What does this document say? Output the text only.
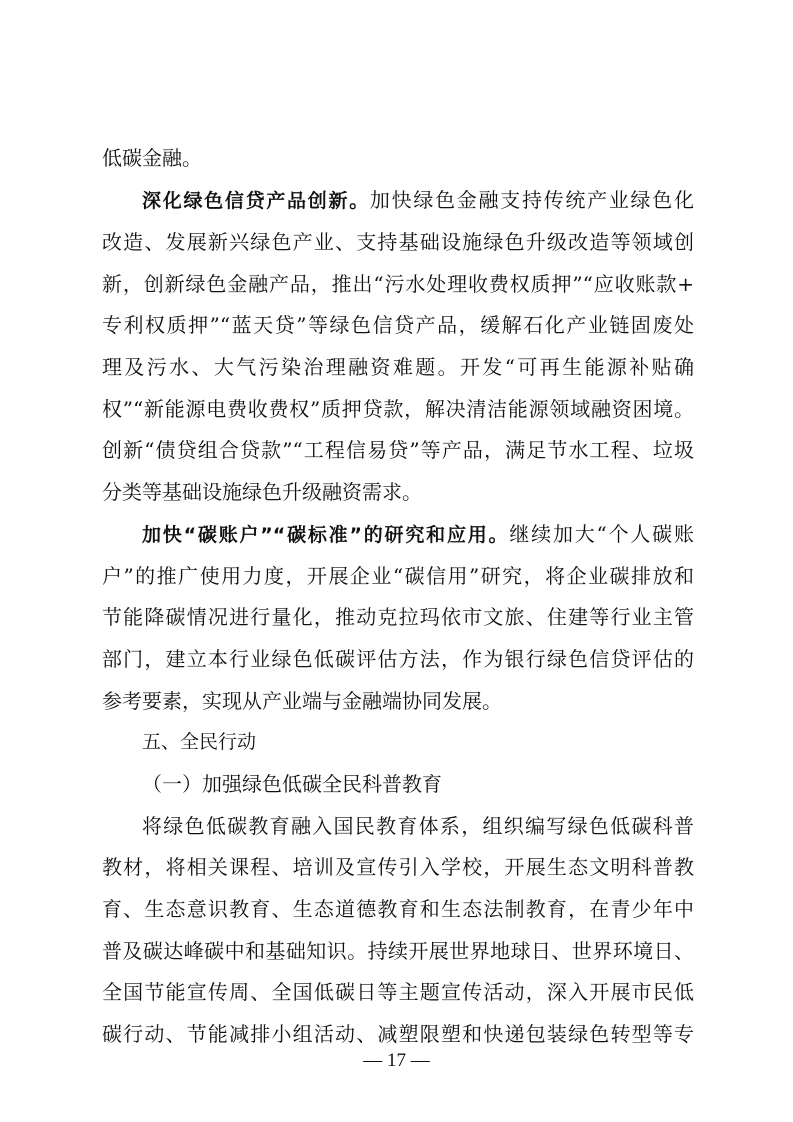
低碳金融。
深化绿色信贷产品创新。加快绿色金融支持传统产业绿色化
改造、发展新兴绿色产业、支持基础设施绿色升级改造等领域创
新，创新绿色金融产品，推出“污水处理收费权质押”“应收账款+
专利权质押”“蓝天贷”等绿色信贷产品，缓解石化产业链固废处
理及污水、大气污染治理融资难题。开发“可再生能源补贴确
权”“新能源电费收费权”质押贷款，解决清洁能源领域融资困境。
创新“债贷组合贷款”“工程信易贷”等产品，满足节水工程、垃圾
分类等基础设施绿色升级融资需求。
加快“碳账户”“碳标准”的研究和应用。继续加大“个人碳账
户”的推广使用力度，开展企业“碳信用”研究，将企业碳排放和
节能降碳情况进行量化，推动克拉玛依市文旅、住建等行业主管
部门，建立本行业绿色低碳评估方法，作为银行绿色信贷评估的
参考要素，实现从产业端与金融端协同发展。
五、全民行动
（一）加强绿色低碳全民科普教育
将绿色低碳教育融入国民教育体系，组织编写绿色低碳科普
教材，将相关课程、培训及宣传引入学校，开展生态文明科普教
育、生态意识教育、生态道德教育和生态法制教育，在青少年中
普及碳达峰碳中和基础知识。持续开展世界地球日、世界环境日、
全国节能宣传周、全国低碳日等主题宣传活动，深入开展市民低
碳行动、节能减排小组活动、减塑限塑和快递包装绿色转型等专
— 17 —
